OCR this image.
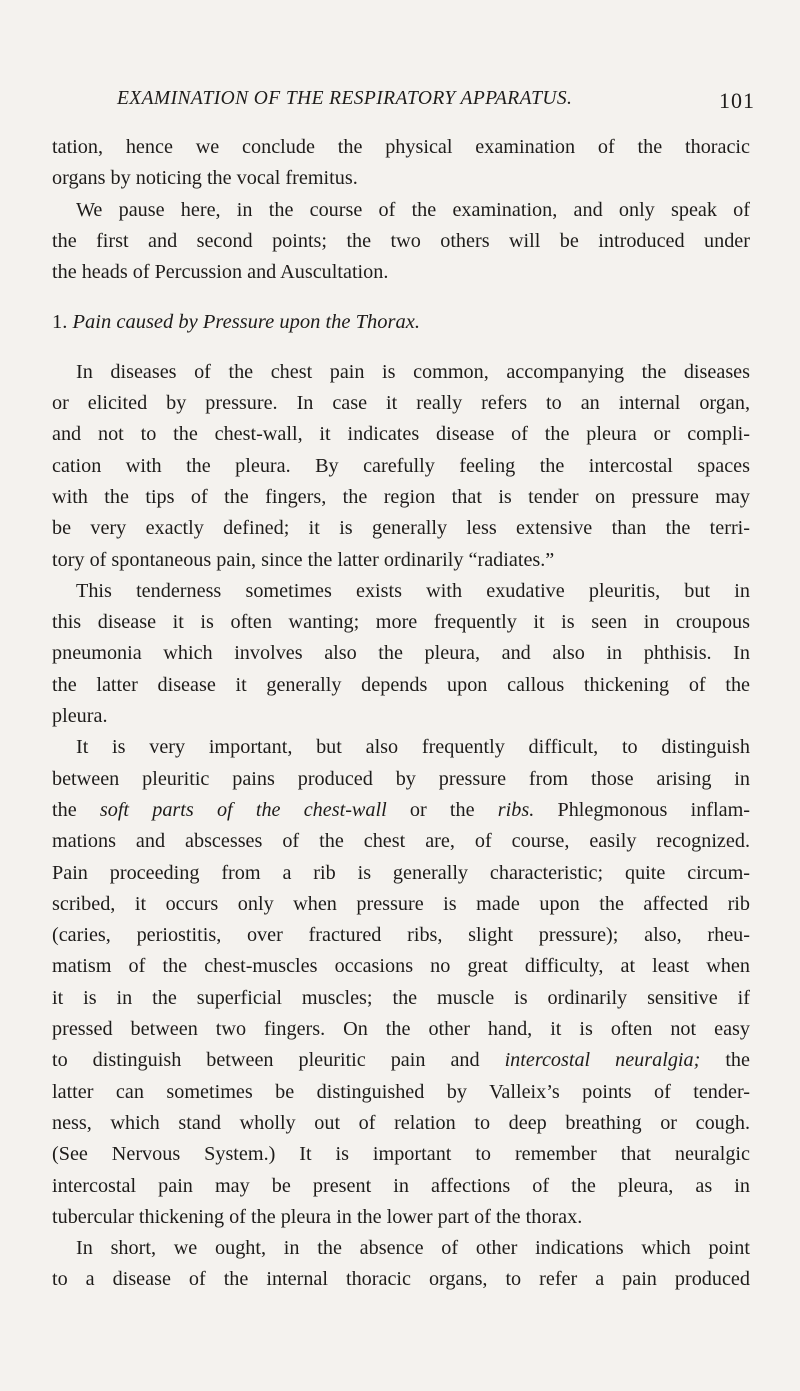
EXAMINATION OF THE RESPIRATORY APPARATUS.	101

tation, hence we conclude the physical examination of the thoracic
organs by noticing the vocal fremitus.

We pause here, in the course of the examination, and only speak of
the first and second points; the two others will be introduced under
the heads of Percussion and Auscultation.

1. Pain caused by Pressure upon the Thorax.

In diseases of the chest pain is common, accompanying the diseases
or elicited by pressure. In case it really refers to an internal organ,
and not to the chest-wall, it indicates disease of the pleura or compli-
cation with the pleura. By carefully feeling the intercostal spaces
with the tips of the fingers, the region that is tender on pressure may
be very exactly defined; it is generally less extensive than the terri-
tory of spontaneous pain, since the latter ordinarily “radiates.”

This tenderness sometimes exists with exudative pleuritis, but in
this disease it is often wanting; more frequently it is seen in croupous
pneumonia which involves also the pleura, and also in phthisis. In
the latter disease it generally depends upon callous thickening of the
pleura.

It is very important, but also frequently difficult, to distinguish
between pleuritic pains produced by pressure from those arising in
the soft parts of the chest-wall or the ribs. Phlegmonous inflam-
mations and abscesses of the chest are, of course, easily recognized.
Pain proceeding from a rib is generally characteristic; quite circum-
scribed, it occurs only when pressure is made upon the affected rib
(caries, periostitis, over fractured ribs, slight pressure); also, rheu-
matism of the chest-muscles occasions no great difficulty, at least when
it is in the superficial muscles; the muscle is ordinarily sensitive if
pressed between two fingers. On the other hand, it is often not easy
to distinguish between pleuritic pain and intercostal neuralgia; the
latter can sometimes be distinguished by Valleix’s points of tender-
ness, which stand wholly out of relation to deep breathing or cough.
(See Nervous System.) It is important to remember that neuralgic
intercostal pain may be present in affections of the pleura, as in
tubercular thickening of the pleura in the lower part of the thorax.

In short, we ought, in the absence of other indications which point
to a disease of the internal thoracic organs, to refer a pain produced
